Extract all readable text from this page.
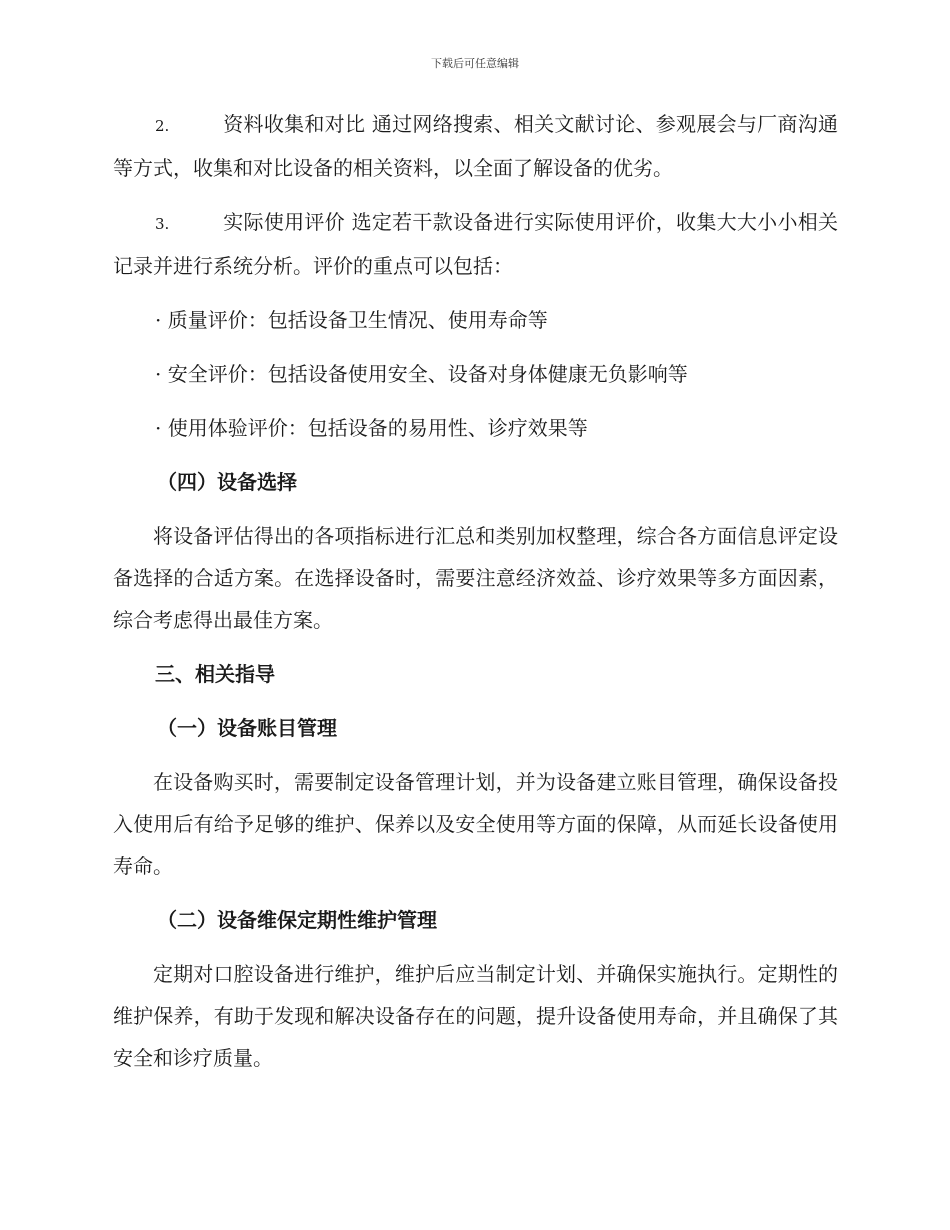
下载后可任意编辑

2.	资料收集和对比 通过网络搜索、相关文献讨论、参观展会与厂商沟通等方式，收集和对比设备的相关资料，以全面了解设备的优劣。

3.	实际使用评价 选定若干款设备进行实际使用评价，收集大大小小相关记录并进行系统分析。评价的重点可以包括：

· 质量评价：包括设备卫生情况、使用寿命等

· 安全评价：包括设备使用安全、设备对身体健康无负影响等

· 使用体验评价：包括设备的易用性、诊疗效果等

（四）设备选择

将设备评估得出的各项指标进行汇总和类别加权整理，综合各方面信息评定设备选择的合适方案。在选择设备时，需要注意经济效益、诊疗效果等多方面因素，综合考虑得出最佳方案。

三、相关指导

（一）设备账目管理

在设备购买时，需要制定设备管理计划，并为设备建立账目管理，确保设备投入使用后有给予足够的维护、保养以及安全使用等方面的保障，从而延长设备使用寿命。

（二）设备维保定期性维护管理

定期对口腔设备进行维护，维护后应当制定计划、并确保实施执行。定期性的维护保养，有助于发现和解决设备存在的问题，提升设备使用寿命，并且确保了其安全和诊疗质量。
